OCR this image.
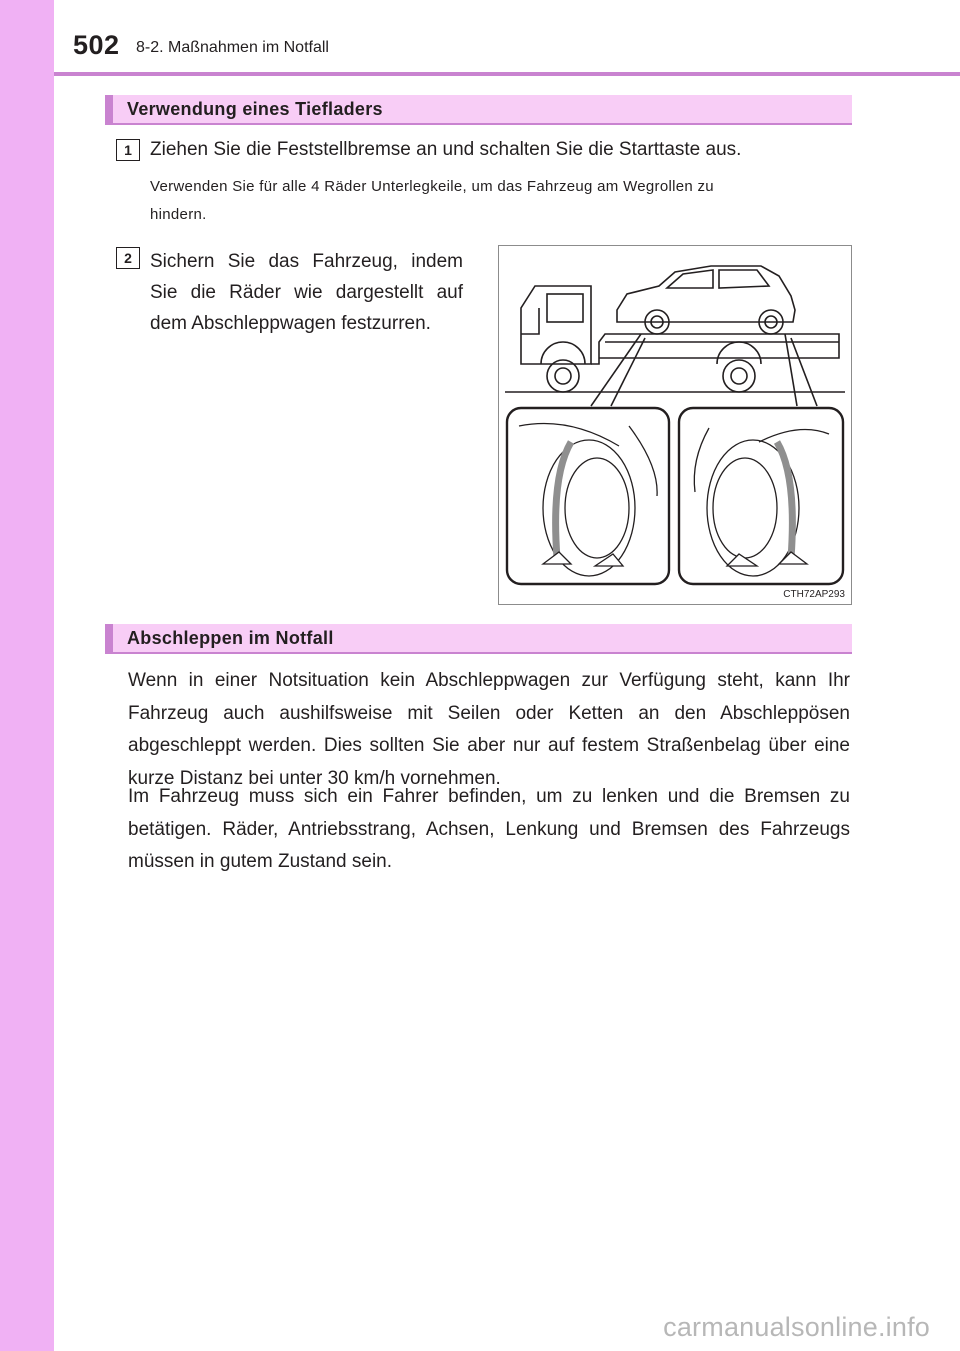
502 8-2. Maßnahmen im Notfall
Verwendung eines Tiefladers
1 Ziehen Sie die Feststellbremse an und schalten Sie die Starttaste aus.
Verwenden Sie für alle 4 Räder Unterlegkeile, um das Fahrzeug am Wegrollen zu
hindern.
2 Sichern Sie das Fahrzeug, indem
Sie die Räder wie dargestellt auf
dem Abschleppwagen festzurren.
CTH72AP293
Abschleppen im Notfall
Wenn in einer Notsituation kein Abschleppwagen zur Verfügung steht, kann Ihr Fahrzeug auch aushilfsweise mit Seilen oder Ketten an den Abschleppösen abgeschleppt werden. Dies sollten Sie aber nur auf festem Straßenbelag über eine kurze Distanz bei unter 30 km/h vornehmen.
Im Fahrzeug muss sich ein Fahrer befinden, um zu lenken und die Bremsen zu betätigen. Räder, Antriebsstrang, Achsen, Lenkung und Bremsen des Fahrzeugs müssen in gutem Zustand sein.
carmanualsonline.info
